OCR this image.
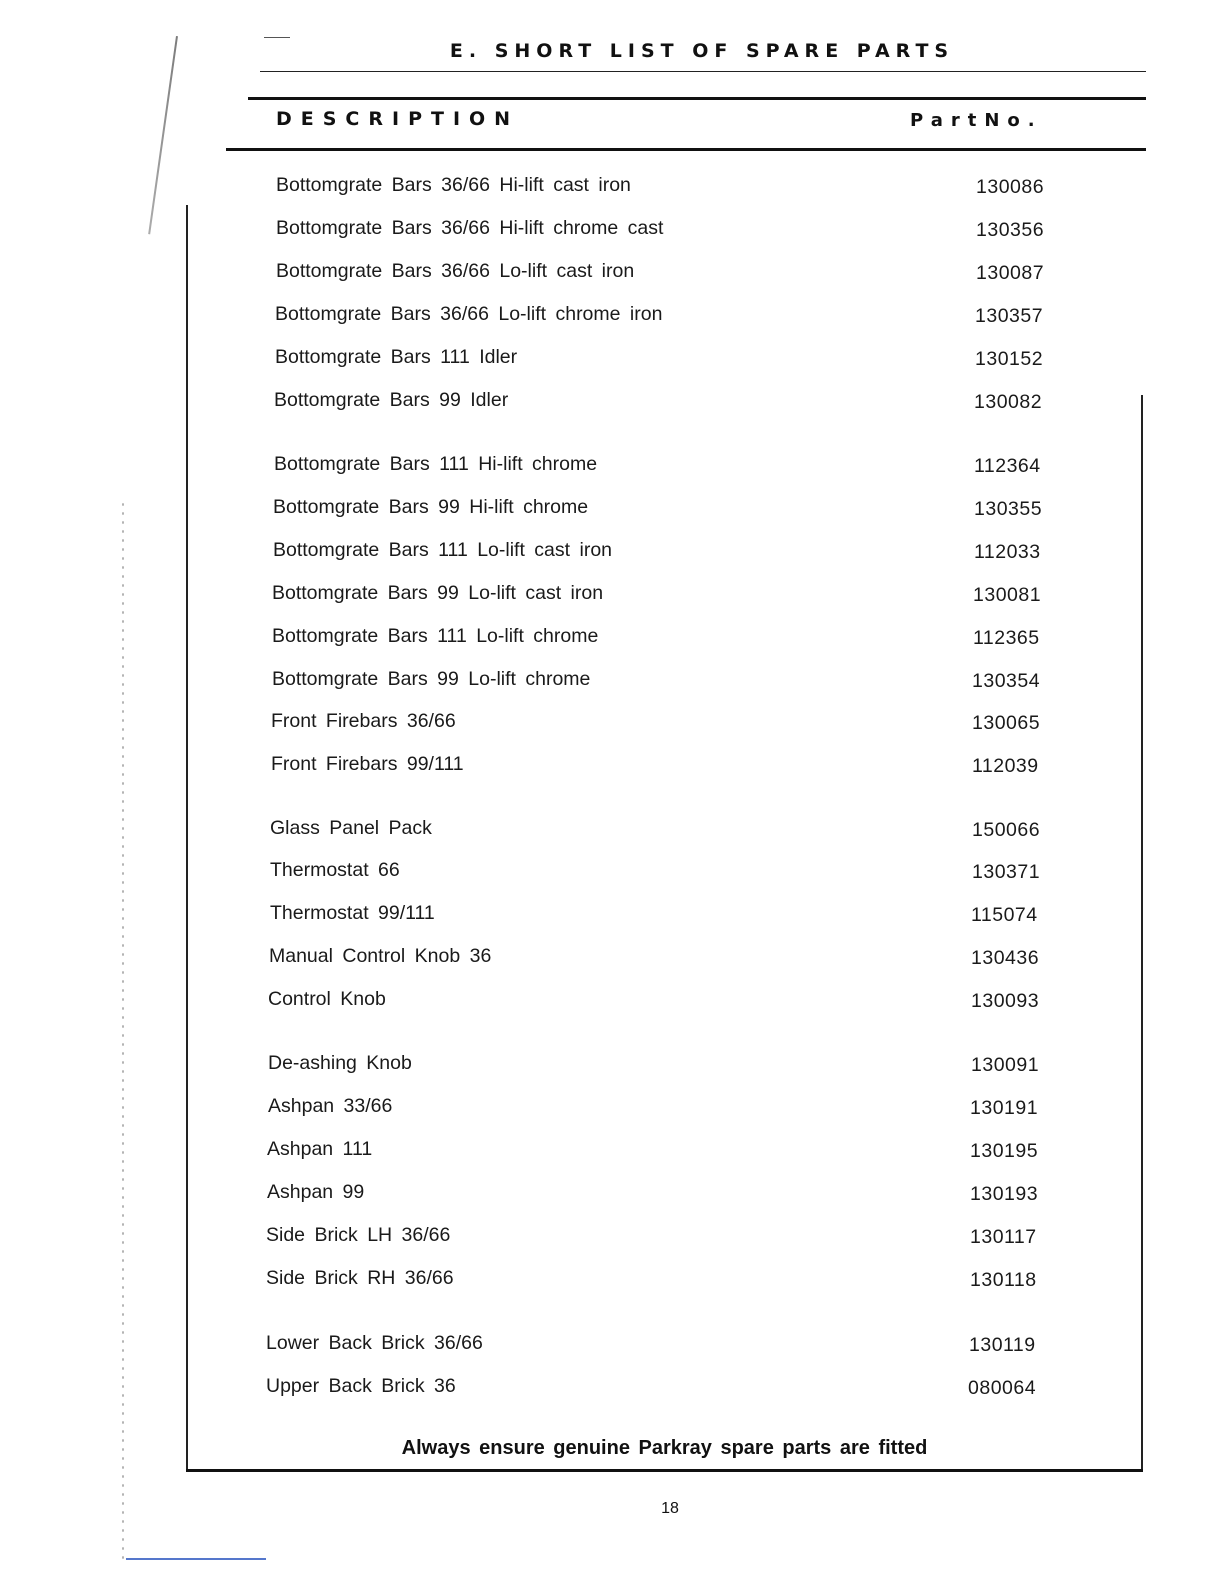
E. SHORT LIST OF SPARE PARTS
DESCRIPTION	PartNo.
Bottomgrate Bars 36/66 Hi-lift cast iron	130086
Bottomgrate Bars 36/66 Hi-lift chrome cast	130356
Bottomgrate Bars 36/66 Lo-lift cast iron	130087
Bottomgrate Bars 36/66 Lo-lift chrome iron	130357
Bottomgrate Bars 111 Idler	130152
Bottomgrate Bars 99 Idler	130082
Bottomgrate Bars 111 Hi-lift chrome	112364
Bottomgrate Bars 99 Hi-lift chrome	130355
Bottomgrate Bars 111 Lo-lift cast iron	112033
Bottomgrate Bars 99 Lo-lift cast iron	130081
Bottomgrate Bars 111 Lo-lift chrome	112365
Bottomgrate Bars 99 Lo-lift chrome	130354
Front Firebars 36/66	130065
Front Firebars 99/111	112039
Glass Panel Pack	150066
Thermostat 66	130371
Thermostat 99/111	115074
Manual Control Knob 36	130436
Control Knob	130093
De-ashing Knob	130091
Ashpan 33/66	130191
Ashpan 111	130195
Ashpan 99	130193
Side Brick LH 36/66	130117
Side Brick RH 36/66	130118
Lower Back Brick 36/66	130119
Upper Back Brick 36	080064
Always ensure genuine Parkray spare parts are fitted
18
